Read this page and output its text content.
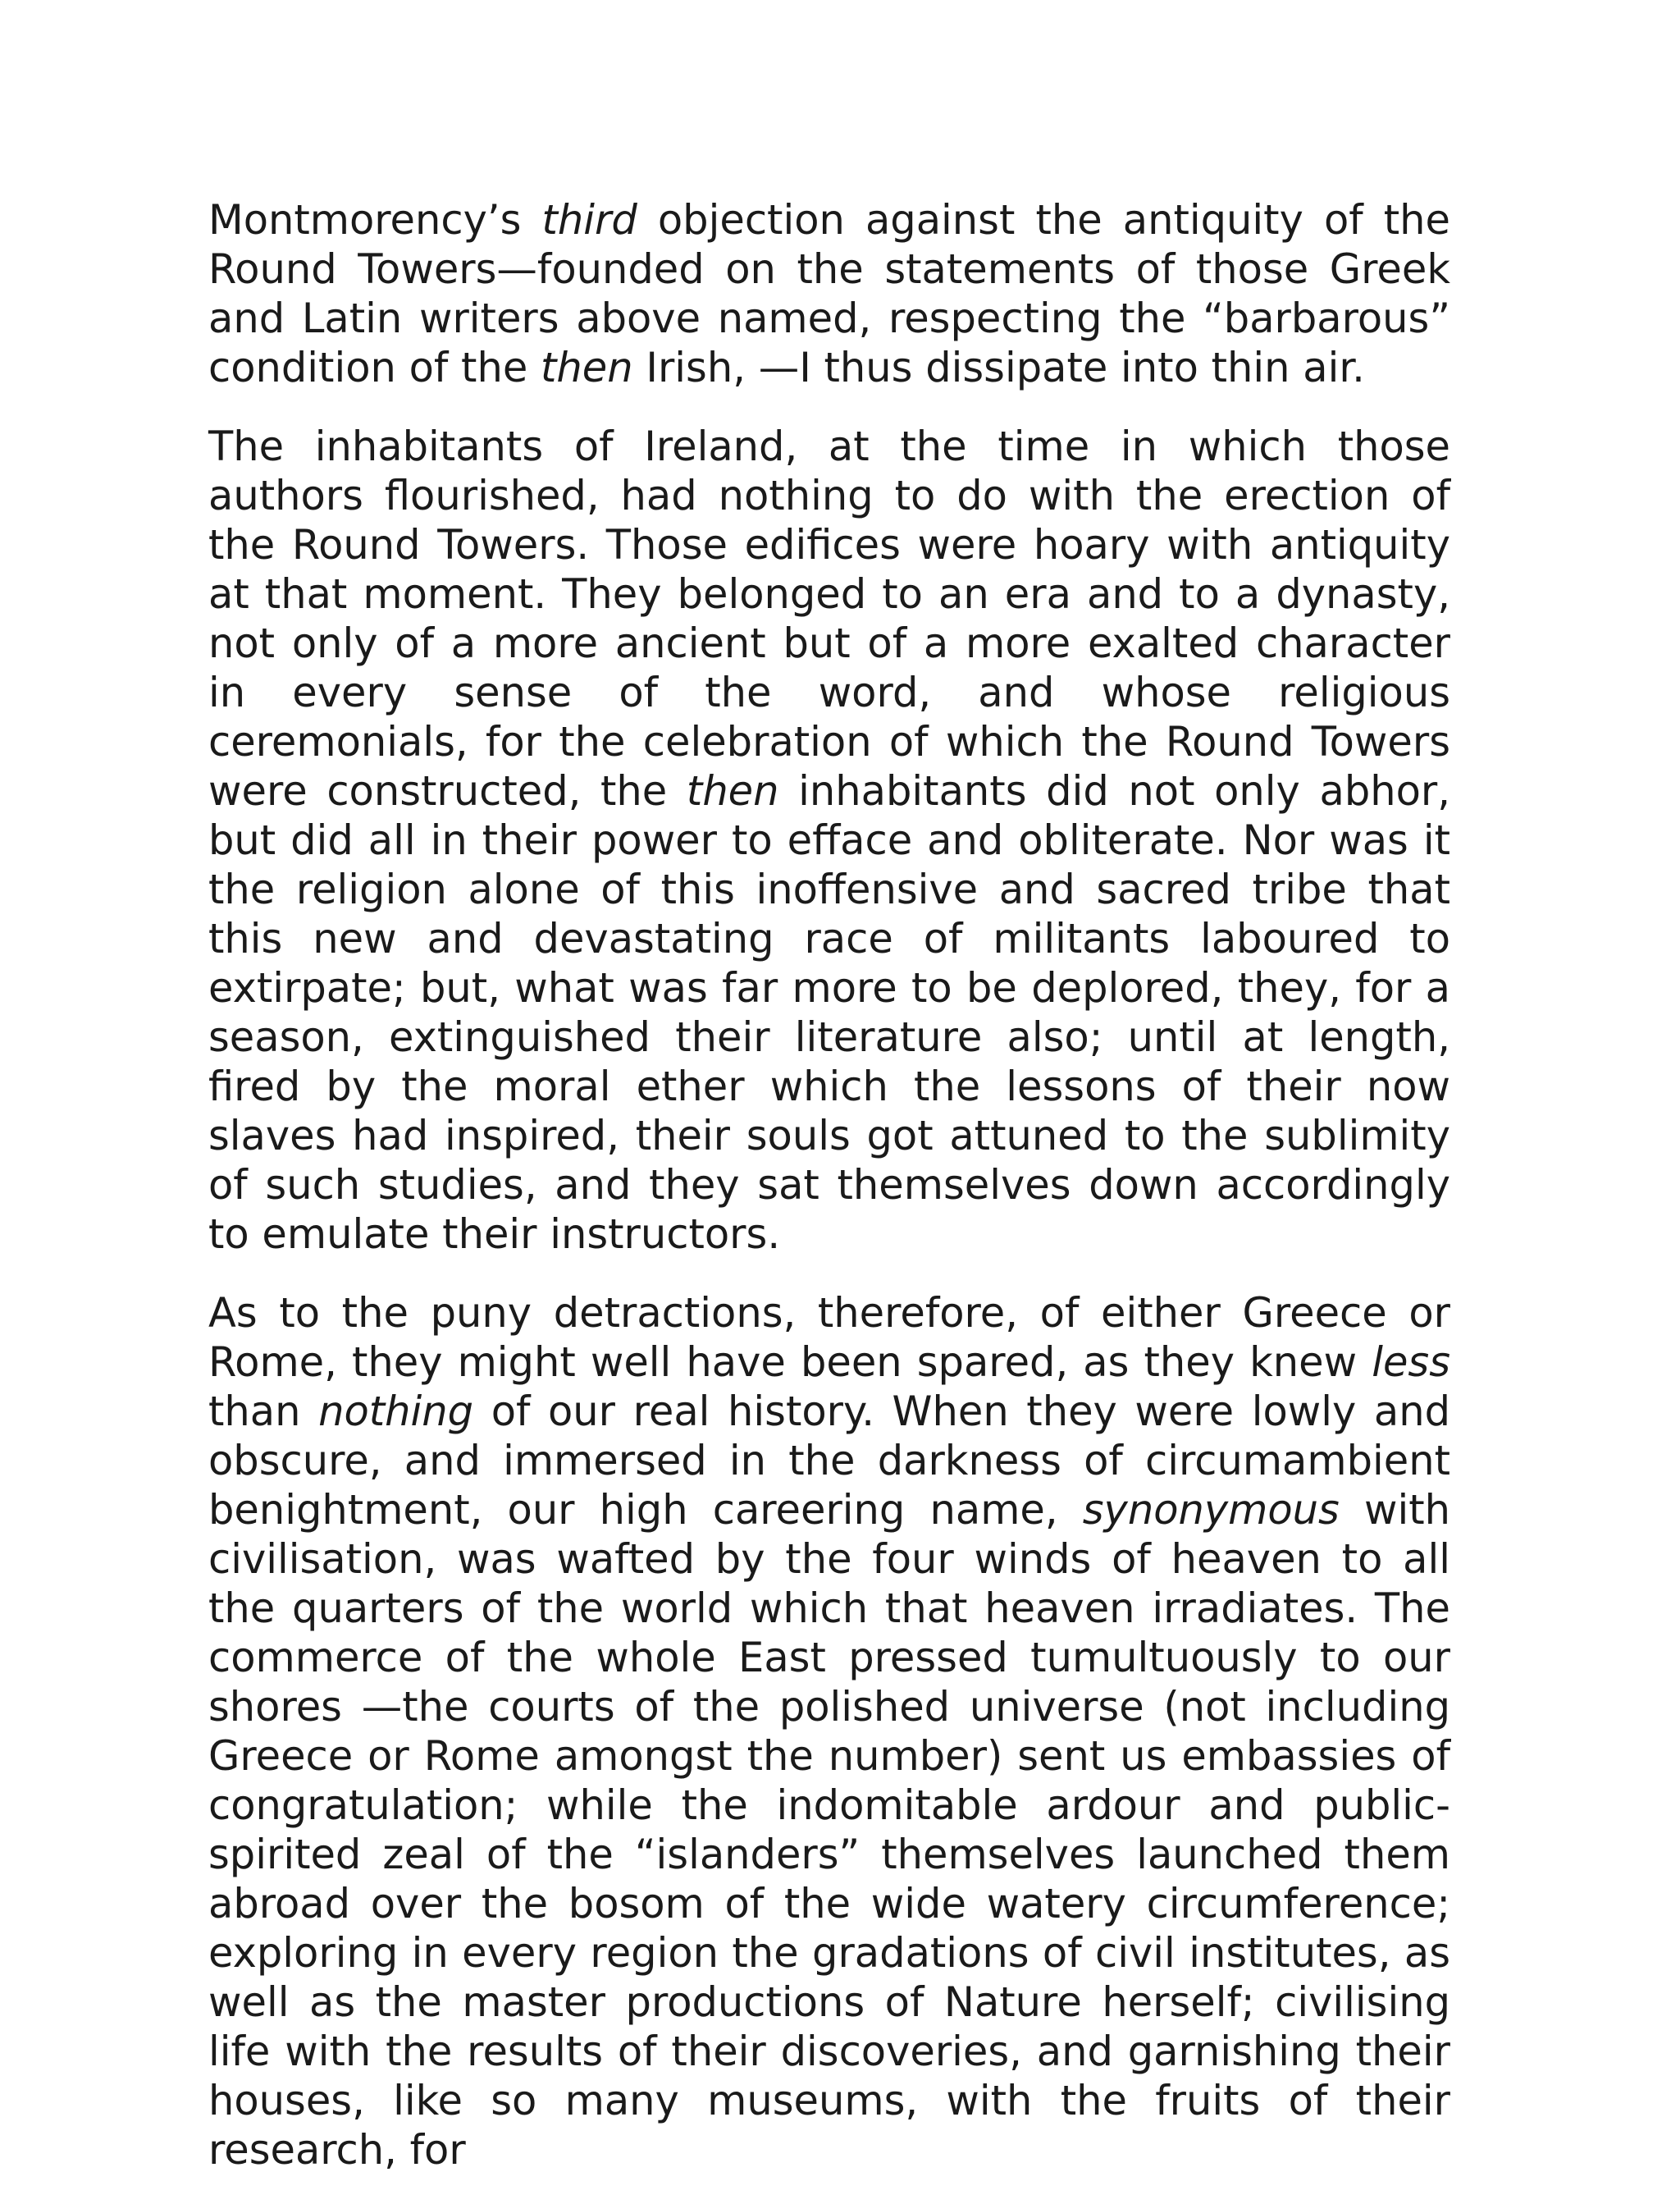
Montmorency’s third objection against the antiquity of the Round Towers—founded on the statements of those Greek and Latin writers above named, respecting the “barbarous” condition of the then Irish, —I thus dissipate into thin air.

The inhabitants of Ireland, at the time in which those authors flourished, had nothing to do with the erection of the Round Towers. Those edifices were hoary with antiquity at that moment. They belonged to an era and to a dynasty, not only of a more ancient but of a more exalted character in every sense of the word, and whose religious ceremonials, for the celebration of which the Round Towers were constructed, the then inhabitants did not only abhor, but did all in their power to efface and obliterate. Nor was it the religion alone of this inoffensive and sacred tribe that this new and devastating race of militants laboured to extirpate; but, what was far more to be deplored, they, for a season, extinguished their literature also; until at length, fired by the moral ether which the lessons of their now slaves had inspired, their souls got attuned to the sublimity of such studies, and they sat themselves down accordingly to emulate their instructors.

As to the puny detractions, therefore, of either Greece or Rome, they might well have been spared, as they knew less than nothing of our real history. When they were lowly and obscure, and immersed in the darkness of circumambient benightment, our high careering name, synonymous with civilisation, was wafted by the four winds of heaven to all the quarters of the world which that heaven irradiates. The commerce of the whole East pressed tumultuously to our shores —the courts of the polished universe (not including Greece or Rome amongst the number) sent us embassies of congratulation; while the indomitable ardour and public-spirited zeal of the “islanders” themselves launched them abroad over the bosom of the wide watery circumference; exploring in every region the gradations of civil institutes, as well as the master productions of Nature herself; civilising life with the results of their discoveries, and garnishing their houses, like so many museums, with the fruits of their research, for
